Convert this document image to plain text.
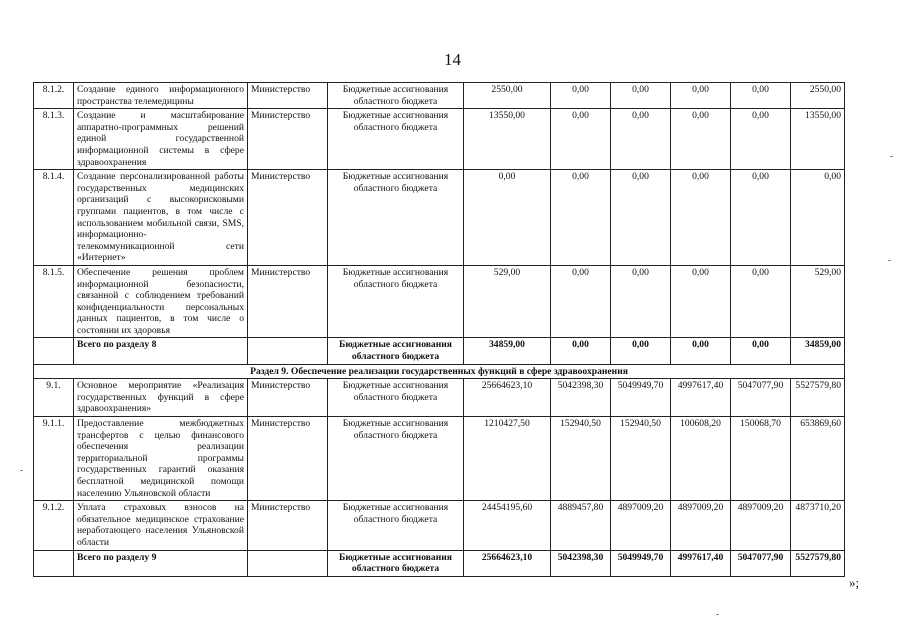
14
8.1.2.	Создание единого информационного пространства телемедицины	Министерство	Бюджетные ассигнования областного бюджета	2550,00	0,00	0,00	0,00	0,00	2550,00
8.1.3.	Создание и масштабирование аппаратно-программных решений единой государственной информационной системы в сфере здравоохранения	Министерство	Бюджетные ассигнования областного бюджета	13550,00	0,00	0,00	0,00	0,00	13550,00
8.1.4.	Создание персонализированной работы государственных медицинских организаций с высокорисковыми группами пациентов, в том числе с использованием мобильной связи, SMS, информационно-телекоммуникационной сети «Интернет»	Министерство	Бюджетные ассигнования областного бюджета	0,00	0,00	0,00	0,00	0,00	0,00
8.1.5.	Обеспечение решения проблем информационной безопасности, связанной с соблюдением требований конфиденциальности персональных данных пациентов, в том числе о состоянии их здоровья	Министерство	Бюджетные ассигнования областного бюджета	529,00	0,00	0,00	0,00	0,00	529,00
	Всего по разделу 8		Бюджетные ассигнования областного бюджета	34859,00	0,00	0,00	0,00	0,00	34859,00
Раздел 9. Обеспечение реализации государственных функций в сфере здравоохранения									
9.1.	Основное мероприятие «Реализация государственных функций в сфере здравоохранения»	Министерство	Бюджетные ассигнования областного бюджета	25664623,10	5042398,30	5049949,70	4997617,40	5047077,90	5527579,80
9.1.1.	Предоставление межбюджетных трансфертов с целью финансового обеспечения реализации территориальной программы государственных гарантий оказания бесплатной медицинской помощи населению Ульяновской области	Министерство	Бюджетные ассигнования областного бюджета	1210427,50	152940,50	152940,50	100608,20	150068,70	653869,60
9.1.2.	Уплата страховых взносов на обязательное медицинское страхование неработающего населения Ульяновской области	Министерство	Бюджетные ассигнования областного бюджета	24454195,60	4889457,80	4897009,20	4897009,20	4897009,20	4873710,20
	Всего по разделу 9		Бюджетные ассигнования областного бюджета	25664623,10	5042398,30	5049949,70	4997617,40	5047077,90	5527579,80
»;
